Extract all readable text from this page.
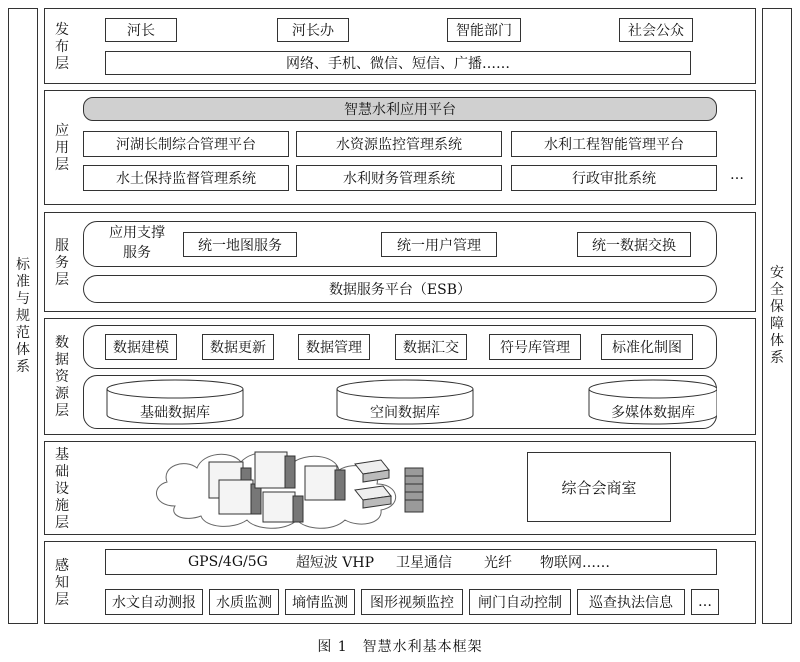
标
准
与
规
范
体
系
安
全
保
障
体
系
发
布
层
河长	河长办	智能部门	社会公众
网络、手机、微信、短信、广播……
应
用
层
智慧水利应用平台
河湖长制综合管理平台	水资源监控管理系统	水利工程智能管理平台
水土保持监督管理系统	水利财务管理系统	行政审批系统	…
服
务
层
应用支撑
服务	统一地图服务	统一用户管理	统一数据交换
数据服务平台（ESB）
数
据
资
源
层
数据建模	数据更新	数据管理	数据汇交	符号库管理	标准化制图
基础数据库	空间数据库	多媒体数据库
基
础
设
施
层
综合会商室
感
知
层
GPS/4G/5G 超短波 VHP 卫星通信 光纤 物联网……
水文自动测报 水质监测 墒情监测 图形视频监控 闸门自动控制 巡查执法信息 …
图 1　智慧水利基本框架
